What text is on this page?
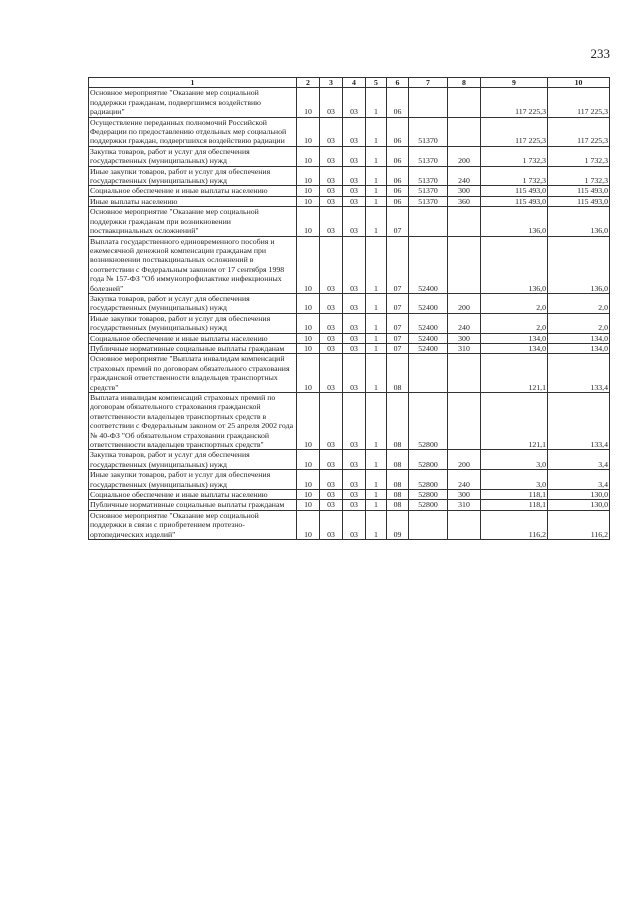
233
1	2	3	4	5	6	7	8	9	10
Основное мероприятие "Оказание мер социальной поддержки гражданам, подвергшимся воздействию радиации"	10	03	03	1	06			117 225,3	117 225,3
Осуществление переданных полномочий Российской Федерации по предоставлению отдельных мер социальной поддержки граждан, подвергшихся воздействию радиации	10	03	03	1	06	51370		117 225,3	117 225,3
Закупка товаров, работ и услуг для обеспечения государственных (муниципальных) нужд	10	03	03	1	06	51370	200	1 732,3	1 732,3
Иные закупки товаров, работ и услуг для обеспечения государственных (муниципальных) нужд	10	03	03	1	06	51370	240	1 732,3	1 732,3
Социальное обеспечение и иные выплаты населению	10	03	03	1	06	51370	300	115 493,0	115 493,0
Иные выплаты населению	10	03	03	1	06	51370	360	115 493,0	115 493,0
Основное мероприятие "Оказание мер социальной поддержки гражданам при возникновении поствакцинальных осложнений"	10	03	03	1	07			136,0	136,0
Выплата государственного единовременного пособия и ежемесячной денежной компенсации гражданам при возникновении поствакцинальных осложнений в соответствии с Федеральным законом от 17 сентября 1998 года № 157-ФЗ "Об иммунопрофилактике инфекционных болезней"	10	03	03	1	07	52400		136,0	136,0
Закупка товаров, работ и услуг для обеспечения государственных (муниципальных) нужд	10	03	03	1	07	52400	200	2,0	2,0
Иные закупки товаров, работ и услуг для обеспечения государственных (муниципальных) нужд	10	03	03	1	07	52400	240	2,0	2,0
Социальное обеспечение и иные выплаты населению	10	03	03	1	07	52400	300	134,0	134,0
Публичные нормативные социальные выплаты гражданам	10	03	03	1	07	52400	310	134,0	134,0
Основное мероприятие "Выплата инвалидам компенсаций страховых премий по договорам обязательного страхования гражданской ответственности владельцев транспортных средств"	10	03	03	1	08			121,1	133,4
Выплата инвалидам компенсаций страховых премий по договорам обязательного страхования гражданской ответственности владельцев транспортных средств в соответствии с Федеральным законом от 25 апреля 2002 года № 40-ФЗ "Об обязательном страховании гражданской ответственности владельцев транспортных средств"	10	03	03	1	08	52800		121,1	133,4
Закупка товаров, работ и услуг для обеспечения государственных (муниципальных) нужд	10	03	03	1	08	52800	200	3,0	3,4
Иные закупки товаров, работ и услуг для обеспечения государственных (муниципальных) нужд	10	03	03	1	08	52800	240	3,0	3,4
Социальное обеспечение и иные выплаты населению	10	03	03	1	08	52800	300	118,1	130,0
Публичные нормативные социальные выплаты гражданам	10	03	03	1	08	52800	310	118,1	130,0
Основное мероприятие "Оказание мер социальной поддержки в связи с приобретением протезно-ортопедических изделий"	10	03	03	1	09			116,2	116,2
